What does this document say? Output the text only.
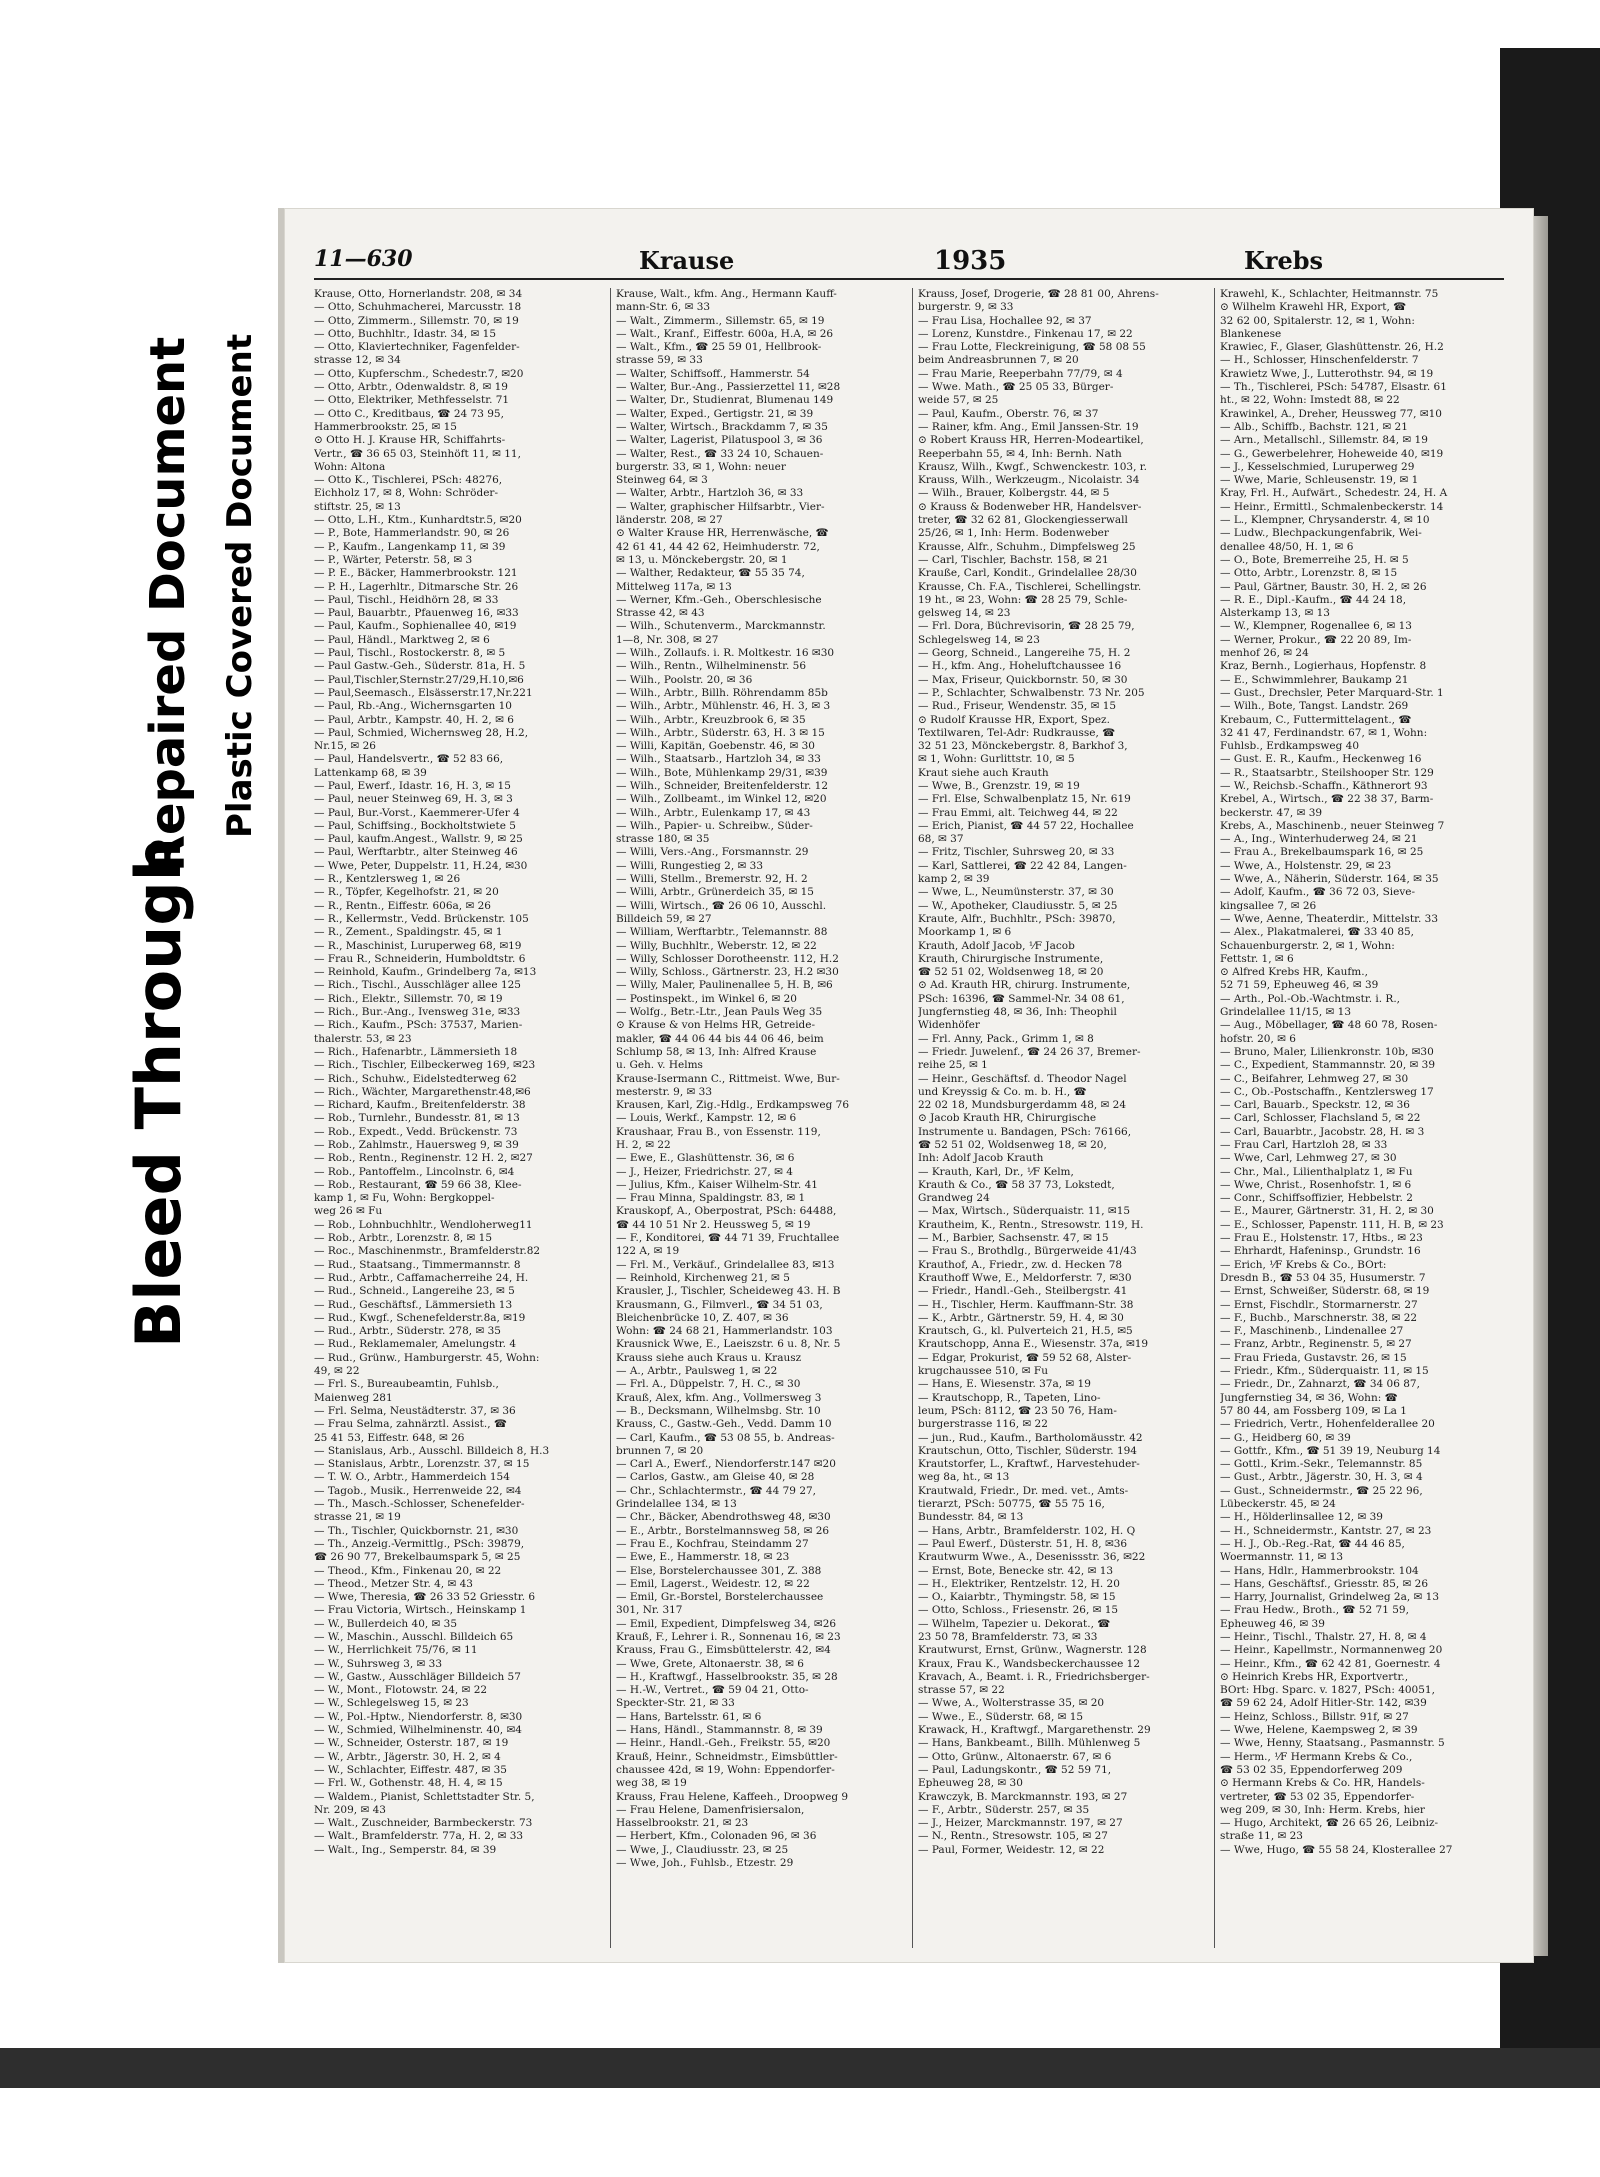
Bleed Through
Repaired Document Plastic Covered Document
11—630	Krause	1935	Krebs
Krause, Otto, Hornerlandstr. 208, ✉ 34
— Otto, Schuhmacherei, Marcusstr. 18
— Otto, Zimmerm., Sillemstr. 70, ✉ 19
— Otto, Buchhltr., Idastr. 34, ✉ 15
— Otto, Klaviertechniker, Fagenfelder-
strasse 12, ✉ 34
— Otto, Kupferschm., Schedestr.7, ✉20
— Otto, Arbtr., Odenwaldstr. 8, ✉ 19
— Otto, Elektriker, Methfesselstr. 71
— Otto C., Kreditbaus, ☎ 24 73 95,
Hammerbrookstr. 25, ✉ 15
⊙ Otto H. J. Krause HR, Schiffahrts-
Vertr., ☎ 36 65 03, Steinhöft 11, ✉ 11,
Wohn: Altona
— Otto K., Tischlerei, PSch: 48276,
Eichholz 17, ✉ 8, Wohn: Schröder-
stiftstr. 25, ✉ 13
— Otto, L.H., Ktm., Kunhardtstr.5, ✉20
— P., Bote, Hammerlandstr. 90, ✉ 26
— P., Kaufm., Langenkamp 11, ✉ 39
— P., Wärter, Peterstr. 58, ✉ 3
— P. E., Bäcker, Hammerbrookstr. 121
— P. H., Lagerhltr., Ditmarsche Str. 26
— Paul, Tischl., Heidhörn 28, ✉ 33
— Paul, Bauarbtr., Pfauenweg 16, ✉33
— Paul, Kaufm., Sophienallee 40, ✉19
— Paul, Händl., Marktweg 2, ✉ 6
— Paul, Tischl., Rostockerstr. 8, ✉ 5
— Paul Gastw.-Geh., Süderstr. 81a, H. 5
— Paul,Tischler,Sternstr.27/29,H.10,✉6
— Paul,Seemasch., Elsässerstr.17,Nr.221
— Paul, Rb.-Ang., Wichernsgarten 10
— Paul, Arbtr., Kampstr. 40, H. 2, ✉ 6
— Paul, Schmied, Wichernsweg 28, H.2,
Nr.15, ✉ 26
— Paul, Handelsvertr., ☎ 52 83 66,
Lattenkamp 68, ✉ 39
— Paul, Ewerf., Idastr. 16, H. 3, ✉ 15
— Paul, neuer Steinweg 69, H. 3, ✉ 3
— Paul, Bur.-Vorst., Kaemmerer-Ufer 4
— Paul, Schiffsing., Bockholtstwiete 5
— Paul, kaufm.Angest., Wallstr. 9, ✉ 25
— Paul, Werftarbtr., alter Steinweg 46
— Wwe, Peter, Duppelstr. 11, H.24, ✉30
— R., Kentzlersweg 1, ✉ 26
— R., Töpfer, Kegelhofstr. 21, ✉ 20
— R., Rentn., Eiffestr. 606a, ✉ 26
— R., Kellermstr., Vedd. Brückenstr. 105
— R., Zement., Spaldingstr. 45, ✉ 1
— R., Maschinist, Luruperweg 68, ✉19
— Frau R., Schneiderin, Humboldtstr. 6
— Reinhold, Kaufm., Grindelberg 7a, ✉13
— Rich., Tischl., Ausschläger allee 125
— Rich., Elektr., Sillemstr. 70, ✉ 19
— Rich., Bur.-Ang., Ivensweg 31e, ✉33
— Rich., Kaufm., PSch: 37537, Marien-
thalerstr. 53, ✉ 23
— Rich., Hafenarbtr., Lämmersieth 18
— Rich., Tischler, Eilbeckerweg 169, ✉23
— Rich., Schuhw., Eidelstedterweg 62
— Rich., Wächter, Margarethenstr.48,✉6
— Richard, Kaufm., Breitenfelderstr. 38
— Rob., Turnlehr., Bundesstr. 81, ✉ 13
— Rob., Expedt., Vedd. Brückenstr. 73
— Rob., Zahlmstr., Hauersweg 9, ✉ 39
— Rob., Rentn., Reginenstr. 12 H. 2, ✉27
— Rob., Pantoffelm., Lincolnstr. 6, ✉4
— Rob., Restaurant, ☎ 59 66 38, Klee-
kamp 1, ✉ Fu, Wohn: Bergkoppel-
weg 26 ✉ Fu
— Rob., Lohnbuchhltr., Wendloherweg11
— Rob., Arbtr., Lorenzstr. 8, ✉ 15
— Roc., Maschinenmstr., Bramfelderstr.82
— Rud., Staatsang., Timmermannstr. 8
— Rud., Arbtr., Caffamacherreihe 24, H.
— Rud., Schneid., Langereihe 23, ✉ 5
— Rud., Geschäftsf., Lämmersieth 13
— Rud., Kwgf., Schenefelderstr.8a, ✉19
— Rud., Arbtr., Süderstr. 278, ✉ 35
— Rud., Reklamemaler, Amelungstr. 4
— Rud., Grünw., Hamburgerstr. 45, Wohn:
49, ✉ 22
— Frl. S., Bureaubeamtin, Fuhlsb.,
Maienweg 281
— Frl. Selma, Neustädterstr. 37, ✉ 36
— Frau Selma, zahnärztl. Assist., ☎
25 41 53, Eiffestr. 648, ✉ 26
— Stanislaus, Arb., Ausschl. Billdeich 8, H.3
— Stanislaus, Arbtr., Lorenzstr. 37, ✉ 15
— T. W. O., Arbtr., Hammerdeich 154
— Tagob., Musik., Herrenweide 22, ✉4
— Th., Masch.-Schlosser, Schenefelder-
strasse 21, ✉ 19
— Th., Tischler, Quickbornstr. 21, ✉30
— Th., Anzeig.-Vermittlg., PSch: 39879,
☎ 26 90 77, Brekelbaumspark 5, ✉ 25
— Theod., Kfm., Finkenau 20, ✉ 22
— Theod., Metzer Str. 4, ✉ 43
— Wwe, Theresia, ☎ 26 33 52 Griesstr. 6
— Frau Victoria, Wirtsch., Heinskamp 1
— W., Bullerdeich 40, ✉ 35
— W., Maschin., Ausschl. Billdeich 65
— W., Herrlichkeit 75/76, ✉ 11
— W., Suhrsweg 3, ✉ 33
— W., Gastw., Ausschläger Billdeich 57
— W., Mont., Flotowstr. 24, ✉ 22
— W., Schlegelsweg 15, ✉ 23
— W., Pol.-Hptw., Niendorferstr. 8, ✉30
— W., Schmied, Wilhelminenstr. 40, ✉4
— W., Schneider, Osterstr. 187, ✉ 19
— W., Arbtr., Jägerstr. 30, H. 2, ✉ 4
— W., Schlachter, Eiffestr. 487, ✉ 35
— Frl. W., Gothenstr. 48, H. 4, ✉ 15
— Waldem., Pianist, Schlettstadter Str. 5,
Nr. 209, ✉ 43
— Walt., Zuschneider, Barmbeckerstr. 73
— Walt., Bramfelderstr. 77a, H. 2, ✉ 33
— Walt., Ing., Semperstr. 84, ✉ 39
Krause, Walt., kfm. Ang., Hermann Kauff-
mann-Str. 6, ✉ 33
— Walt., Zimmerm., Sillemstr. 65, ✉ 19
— Walt., Kranf., Eiffestr. 600a, H.A, ✉ 26
— Walt., Kfm., ☎ 25 59 01, Hellbrook-
strasse 59, ✉ 33
— Walter, Schiffsoff., Hammerstr. 54
— Walter, Bur.-Ang., Passierzettel 11, ✉28
— Walter, Dr., Studienrat, Blumenau 149
— Walter, Exped., Gertigstr. 21, ✉ 39
— Walter, Wirtsch., Brackdamm 7, ✉ 35
— Walter, Lagerist, Pilatuspool 3, ✉ 36
— Walter, Rest., ☎ 33 24 10, Schauen-
burgerstr. 33, ✉ 1, Wohn: neuer
Steinweg 64, ✉ 3
— Walter, Arbtr., Hartzloh 36, ✉ 33
— Walter, graphischer Hilfsarbtr., Vier-
länderstr. 208, ✉ 27
⊙ Walter Krause HR, Herrenwäsche, ☎
42 61 41, 44 42 62, Heimhuderstr. 72,
✉ 13, u. Mönckebergstr. 20, ✉ 1
— Walther, Redakteur, ☎ 55 35 74,
Mittelweg 117a, ✉ 13
— Werner, Kfm.-Geh., Oberschlesische
Strasse 42, ✉ 43
— Wilh., Schutenverm., Marckmannstr.
1—8, Nr. 308, ✉ 27
— Wilh., Zollaufs. i. R. Moltkestr. 16 ✉30
— Wilh., Rentn., Wilhelminenstr. 56
— Wilh., Poolstr. 20, ✉ 36
— Wilh., Arbtr., Billh. Röhrendamm 85b
— Wilh., Arbtr., Mühlenstr. 46, H. 3, ✉ 3
— Wilh., Arbtr., Kreuzbrook 6, ✉ 35
— Wilh., Arbtr., Süderstr. 63, H. 3 ✉ 15
— Willi, Kapitän, Goebenstr. 46, ✉ 30
— Wilh., Staatsarb., Hartzloh 34, ✉ 33
— Wilh., Bote, Mühlenkamp 29/31, ✉39
— Wilh., Schneider, Breitenfelderstr. 12
— Wilh., Zollbeamt., im Winkel 12, ✉20
— Wilh., Arbtr., Eulenkamp 17, ✉ 43
— Wilh., Papier- u. Schreibw., Süder-
strasse 180, ✉ 35
— Willi, Vers.-Ang., Forsmannstr. 29
— Willi, Rungestieg 2, ✉ 33
— Willi, Stellm., Bremerstr. 92, H. 2
— Willi, Arbtr., Grünerdeich 35, ✉ 15
— Willi, Wirtsch., ☎ 26 06 10, Ausschl.
Billdeich 59, ✉ 27
— William, Werftarbtr., Telemannstr. 88
— Willy, Buchhltr., Weberstr. 12, ✉ 22
— Willy, Schlosser Dorotheenstr. 112, H.2
— Willy, Schloss., Gärtnerstr. 23, H.2 ✉30
— Willy, Maler, Paulinenallee 5, H. B, ✉6
— Postinspekt., im Winkel 6, ✉ 20
— Wolfg., Betr.-Ltr., Jean Pauls Weg 35
⊙ Krause & von Helms HR, Getreide-
makler, ☎ 44 06 44 bis 44 06 46, beim
Schlump 58, ✉ 13, Inh: Alfred Krause
u. Geh. v. Helms
Krause-Isermann C., Rittmeist. Wwe, Bur-
mesterstr. 9, ✉ 33
Krausen, Karl, Zig.-Hdlg., Erdkampsweg 76
— Louis, Werkf., Kampstr. 12, ✉ 6
Kraushaar, Frau B., von Essenstr. 119,
H. 2, ✉ 22
— Ewe, E., Glashüttenstr. 36, ✉ 6
— J., Heizer, Friedrichstr. 27, ✉ 4
— Julius, Kfm., Kaiser Wilhelm-Str. 41
— Frau Minna, Spaldingstr. 83, ✉ 1
Krauskopf, A., Oberpostrat, PSch: 64488,
☎ 44 10 51 Nr 2. Heussweg 5, ✉ 19
— F., Konditorei, ☎ 44 71 39, Fruchtallee
122 A, ✉ 19
— Frl. M., Verkäuf., Grindelallee 83, ✉13
— Reinhold, Kirchenweg 21, ✉ 5
Krausler, J., Tischler, Scheideweg 43. H. B
Krausmann, G., Filmverl., ☎ 34 51 03,
Bleichenbrücke 10, Z. 407, ✉ 36
Wohn: ☎ 24 68 21, Hammerlandstr. 103
Krausnick Wwe, E., Laeiszstr. 6 u. 8, Nr. 5
Krauss siehe auch Kraus u. Krausz
— A., Arbtr., Paulsweg 1, ✉ 22
— Frl. A., Düppelstr. 7, H. C., ✉ 30
Krauß, Alex, kfm. Ang., Vollmersweg 3
— B., Decksmann, Wilhelmsbg. Str. 10
Krauss, C., Gastw.-Geh., Vedd. Damm 10
— Carl, Kaufm., ☎ 53 08 55, b. Andreas-
brunnen 7, ✉ 20
— Carl A., Ewerf., Niendorferstr.147 ✉20
— Carlos, Gastw., am Gleise 40, ✉ 28
— Chr., Schlachtermstr., ☎ 44 79 27,
Grindelallee 134, ✉ 13
— Chr., Bäcker, Abendrothsweg 48, ✉30
— E., Arbtr., Borstelmannsweg 58, ✉ 26
— Frau E., Kochfrau, Steindamm 27
— Ewe, E., Hammerstr. 18, ✉ 23
— Else, Borstelerchaussee 301, Z. 388
— Emil, Lagerst., Weidestr. 12, ✉ 22
— Emil, Gr.-Borstel, Borstelerchaussee
301, Nr. 317
— Emil, Expedient, Dimpfelsweg 34, ✉26
Krauß, F., Lehrer i. R., Sonnenau 16, ✉ 23
Krauss, Frau G., Eimsbüttelerstr. 42, ✉4
— Wwe, Grete, Altonaerstr. 38, ✉ 6
— H., Kraftwgf., Hasselbrookstr. 35, ✉ 28
— H.-W., Vertret., ☎ 59 04 21, Otto-
Speckter-Str. 21, ✉ 33
— Hans, Bartelsstr. 61, ✉ 6
— Hans, Händl., Stammannstr. 8, ✉ 39
— Heinr., Handl.-Geh., Freikstr. 55, ✉20
Krauß, Heinr., Schneidmstr., Eimsbüttler-
chaussee 42d, ✉ 19, Wohn: Eppendorfer-
weg 38, ✉ 19
Krauss, Frau Helene, Kaffeeh., Droopweg 9
— Frau Helene, Damenfrisiersalon,
Hasselbrookstr. 21, ✉ 23
— Herbert, Kfm., Colonaden 96, ✉ 36
— Wwe, J., Claudiusstr. 23, ✉ 25
— Wwe, Joh., Fuhlsb., Etzestr. 29
Krauss, Josef, Drogerie, ☎ 28 81 00, Ahrens-
burgerstr. 9, ✉ 33
— Frau Lisa, Hochallee 92, ✉ 37
— Lorenz, Kunstdre., Finkenau 17, ✉ 22
— Frau Lotte, Fleckreinigung, ☎ 58 08 55
beim Andreasbrunnen 7, ✉ 20
— Frau Marie, Reeperbahn 77/79, ✉ 4
— Wwe. Math., ☎ 25 05 33, Bürger-
weide 57, ✉ 25
— Paul, Kaufm., Oberstr. 76, ✉ 37
— Rainer, kfm. Ang., Emil Janssen-Str. 19
⊙ Robert Krauss HR, Herren-Modeartikel,
Reeperbahn 55, ✉ 4, Inh: Bernh. Nath
Krausz, Wilh., Kwgf., Schwenckestr. 103, r.
Krauss, Wilh., Werkzeugm., Nicolaistr. 34
— Wilh., Brauer, Kolbergstr. 44, ✉ 5
⊙ Krauss & Bodenweber HR, Handelsver-
treter, ☎ 32 62 81, Glockengiesserwall
25/26, ✉ 1, Inh: Herm. Bodenweber
Krausse, Alfr., Schuhm., Dimpfelsweg 25
— Carl, Tischler, Bachstr. 158, ✉ 21
Krauße, Carl, Kondit., Grindelallee 28/30
Krausse, Ch. F.A., Tischlerei, Schellingstr.
19 ht., ✉ 23, Wohn: ☎ 28 25 79, Schle-
gelsweg 14, ✉ 23
— Frl. Dora, Büchrevisorin, ☎ 28 25 79,
Schlegelsweg 14, ✉ 23
— Georg, Schneid., Langereihe 75, H. 2
— H., kfm. Ang., Hoheluftchaussee 16
— Max, Friseur, Quickbornstr. 50, ✉ 30
— P., Schlachter, Schwalbenstr. 73 Nr. 205
— Rud., Friseur, Wendenstr. 35, ✉ 15
⊙ Rudolf Krausse HR, Export, Spez.
Textilwaren, Tel-Adr: Rudkrausse, ☎
32 51 23, Mönckebergstr. 8, Barkhof 3,
✉ 1, Wohn: Gurlittstr. 10, ✉ 5
Kraut siehe auch Krauth
— Wwe, B., Grenzstr. 19, ✉ 19
— Frl. Else, Schwalbenplatz 15, Nr. 619
— Frau Emmi, alt. Teichweg 44, ✉ 22
— Erich, Pianist, ☎ 44 57 22, Hochallee
68, ✉ 37
— Fritz, Tischler, Suhrsweg 20, ✉ 33
— Karl, Sattlerei, ☎ 22 42 84, Langen-
kamp 2, ✉ 39
— Wwe, L., Neumünsterstr. 37, ✉ 30
— W., Apotheker, Claudiusstr. 5, ✉ 25
Kraute, Alfr., Buchhltr., PSch: 39870,
Moorkamp 1, ✉ 6
Krauth, Adolf Jacob, ⅟F Jacob
Krauth, Chirurgische Instrumente,
☎ 52 51 02, Woldsenweg 18, ✉ 20
⊙ Ad. Krauth HR, chirurg. Instrumente,
PSch: 16396, ☎ Sammel-Nr. 34 08 61,
Jungfernstieg 48, ✉ 36, Inh: Theophil
Widenhöfer
— Frl. Anny, Pack., Grimm 1, ✉ 8
— Friedr. Juwelenf., ☎ 24 26 37, Bremer-
reihe 25, ✉ 1
— Heinr., Geschäftsf. d. Theodor Nagel
und Kreyssig & Co. m. b. H., ☎
22 02 18, Mundsburgerdamm 48, ✉ 24
⊙ Jacob Krauth HR, Chirurgische
Instrumente u. Bandagen, PSch: 76166,
☎ 52 51 02, Woldsenweg 18, ✉ 20,
Inh: Adolf Jacob Krauth
— Krauth, Karl, Dr., ⅟F Kelm,
Krauth & Co., ☎ 58 37 73, Lokstedt,
Grandweg 24
— Max, Wirtsch., Süderquaistr. 11, ✉15
Krautheim, K., Rentn., Stresowstr. 119, H.
— M., Barbier, Sachsenstr. 47, ✉ 15
— Frau S., Brothdlg., Bürgerweide 41/43
Krauthof, A., Friedr., zw. d. Hecken 78
Krauthoff Wwe, E., Meldorferstr. 7, ✉30
— Friedr., Handl.-Geh., Steilbergstr. 41
— H., Tischler, Herm. Kauffmann-Str. 38
— K., Arbtr., Gärtnerstr. 59, H. 4, ✉ 30
Krautsch, G., kl. Pulverteich 21, H.5, ✉5
Krautschopp, Anna E., Wiesenstr. 37a, ✉19
— Edgar, Prokurist, ☎ 59 52 68, Alster-
krugchaussee 510, ✉ Fu
— Hans, E. Wiesenstr. 37a, ✉ 19
— Krautschopp, R., Tapeten, Lino-
leum, PSch: 8112, ☎ 23 50 76, Ham-
burgerstrasse 116, ✉ 22
— jun., Rud., Kaufm., Bartholomäusstr. 42
Krautschun, Otto, Tischler, Süderstr. 194
Krautstorfer, L., Kraftwf., Harvestehuder-
weg 8a, ht., ✉ 13
Krautwald, Friedr., Dr. med. vet., Amts-
tierarzt, PSch: 50775, ☎ 55 75 16,
Bundesstr. 84, ✉ 13
— Hans, Arbtr., Bramfelderstr. 102, H. Q
— Paul Ewerf., Düsterstr. 51, H. 8, ✉36
Krautwurm Wwe., A., Desenissstr. 36, ✉22
— Ernst, Bote, Benecke str. 42, ✉ 13
— H., Elektriker, Rentzelstr. 12, H. 20
— O., Kaiarbtr., Thymingstr. 58, ✉ 15
— Otto, Schloss., Friesenstr. 26, ✉ 15
— Wilhelm, Tapezier u. Dekorat., ☎
23 50 78, Bramfelderstr. 73, ✉ 33
Krautwurst, Ernst, Grünw., Wagnerstr. 128
Kraux, Frau K., Wandsbeckerchaussee 12
Kravach, A., Beamt. i. R., Friedrichsberger-
strasse 57, ✉ 22
— Wwe, A., Wolterstrasse 35, ✉ 20
— Wwe., E., Süderstr. 68, ✉ 15
Krawack, H., Kraftwgf., Margarethenstr. 29
— Hans, Bankbeamt., Billh. Mühlenweg 5
— Otto, Grünw., Altonaerstr. 67, ✉ 6
— Paul, Ladungskontr., ☎ 52 59 71,
Epheuweg 28, ✉ 30
Krawczyk, B. Marckmannstr. 193, ✉ 27
— F., Arbtr., Süderstr. 257, ✉ 35
— J., Heizer, Marckmannstr. 197, ✉ 27
— N., Rentn., Stresowstr. 105, ✉ 27
— Paul, Former, Weidestr. 12, ✉ 22
Krawehl, K., Schlachter, Heitmannstr. 75
⊙ Wilhelm Krawehl HR, Export, ☎
32 62 00, Spitalerstr. 12, ✉ 1, Wohn:
Blankenese
Krawiec, F., Glaser, Glashüttenstr. 26, H.2
— H., Schlosser, Hinschenfelderstr. 7
Krawietz Wwe, J., Lutterothstr. 94, ✉ 19
— Th., Tischlerei, PSch: 54787, Elsastr. 61
ht., ✉ 22, Wohn: Imstedt 88, ✉ 22
Krawinkel, A., Dreher, Heussweg 77, ✉10
— Alb., Schiffb., Bachstr. 121, ✉ 21
— Arn., Metallschl., Sillemstr. 84, ✉ 19
— G., Gewerbelehrer, Hoheweide 40, ✉19
— J., Kesselschmied, Luruperweg 29
— Wwe, Marie, Schleusenstr. 19, ✉ 1
Kray, Frl. H., Aufwärt., Schedestr. 24, H. A
— Heinr., Ermittl., Schmalenbeckerstr. 14
— L., Klempner, Chrysanderstr. 4, ✉ 10
— Ludw., Blechpackungenfabrik, Wei-
denallee 48/50, H. 1, ✉ 6
— O., Bote, Bremerreihe 25, H. ✉ 5
— Otto, Arbtr., Lorenzstr. 8, ✉ 15
— Paul, Gärtner, Baustr. 30, H. 2, ✉ 26
— R. E., Dipl.-Kaufm., ☎ 44 24 18,
Alsterkamp 13, ✉ 13
— W., Klempner, Rogenallee 6, ✉ 13
— Werner, Prokur., ☎ 22 20 89, Im-
menhof 26, ✉ 24
Kraz, Bernh., Logierhaus, Hopfenstr. 8
— E., Schwimmlehrer, Baukamp 21
— Gust., Drechsler, Peter Marquard-Str. 1
— Wilh., Bote, Tangst. Landstr. 269
Krebaum, C., Futtermittelagent., ☎
32 41 47, Ferdinandstr. 67, ✉ 1, Wohn:
Fuhlsb., Erdkampsweg 40
— Gust. E. R., Kaufm., Heckenweg 16
— R., Staatsarbtr., Steilshooper Str. 129
— W., Reichsb.-Schaffn., Käthnerort 93
Krebel, A., Wirtsch., ☎ 22 38 37, Barm-
beckerstr. 47, ✉ 39
Krebs, A., Maschinenb., neuer Steinweg 7
— A., Ing., Winterhuderweg 24, ✉ 21
— Frau A., Brekelbaumspark 16, ✉ 25
— Wwe, A., Holstenstr. 29, ✉ 23
— Wwe, A., Näherin, Süderstr. 164, ✉ 35
— Adolf, Kaufm., ☎ 36 72 03, Sieve-
kingsallee 7, ✉ 26
— Wwe, Aenne, Theaterdir., Mittelstr. 33
— Alex., Plakatmalerei, ☎ 33 40 85,
Schauenburgerstr. 2, ✉ 1, Wohn:
Fettstr. 1, ✉ 6
⊙ Alfred Krebs HR, Kaufm.,
52 71 59, Epheuweg 46, ✉ 39
— Arth., Pol.-Ob.-Wachtmstr. i. R.,
Grindelallee 11/15, ✉ 13
— Aug., Möbellager, ☎ 48 60 78, Rosen-
hofstr. 20, ✉ 6
— Bruno, Maler, Lilienkronstr. 10b, ✉30
— C., Expedient, Stammannstr. 20, ✉ 39
— C., Beifahrer, Lehmweg 27, ✉ 30
— C., Ob.-Postschaffn., Kentzlersweg 17
— Carl, Bauarb., Speckstr. 12, ✉ 36
— Carl, Schlosser, Flachsland 5, ✉ 22
— Carl, Bauarbtr., Jacobstr. 28, H. ✉ 3
— Frau Carl, Hartzloh 28, ✉ 33
— Wwe, Carl, Lehmweg 27, ✉ 30
— Chr., Mal., Lilienthalplatz 1, ✉ Fu
— Wwe, Christ., Rosenhofstr. 1, ✉ 6
— Conr., Schiffsoffizier, Hebbelstr. 2
— E., Maurer, Gärtnerstr. 31, H. 2, ✉ 30
— E., Schlosser, Papenstr. 111, H. B, ✉ 23
— Frau E., Holstenstr. 17, Htbs., ✉ 23
— Ehrhardt, Hafeninsp., Grundstr. 16
— Erich, ⅟F Krebs & Co., BOrt:
Dresdn B., ☎ 53 04 35, Husumerstr. 7
— Ernst, Schweißer, Süderstr. 68, ✉ 19
— Ernst, Fischdlr., Stormarnerstr. 27
— F., Buchb., Marschnerstr. 38, ✉ 22
— F., Maschinenb., Lindenallee 27
— Franz, Arbtr., Reginenstr. 5, ✉ 27
— Frau Frieda, Gustavstr. 26, ✉ 15
— Friedr., Kfm., Süderquaistr. 11, ✉ 15
— Friedr., Dr., Zahnarzt, ☎ 34 06 87,
Jungfernstieg 34, ✉ 36, Wohn: ☎
57 80 44, am Fossberg 109, ✉ La 1
— Friedrich, Vertr., Hohenfelderallee 20
— G., Heidberg 60, ✉ 39
— Gottfr., Kfm., ☎ 51 39 19, Neuburg 14
— Gottl., Krim.-Sekr., Telemannstr. 85
— Gust., Arbtr., Jägerstr. 30, H. 3, ✉ 4
— Gust., Schneidermstr., ☎ 25 22 96,
Lübeckerstr. 45, ✉ 24
— H., Hölderlinsallee 12, ✉ 39
— H., Schneidermstr., Kantstr. 27, ✉ 23
— H. J., Ob.-Reg.-Rat, ☎ 44 46 85,
Woermannstr. 11, ✉ 13
— Hans, Hdlr., Hammerbrookstr. 104
— Hans, Geschäftsf., Griesstr. 85, ✉ 26
— Harry, Journalist, Grindelweg 2a, ✉ 13
— Frau Hedw., Broth., ☎ 52 71 59,
Epheuweg 46, ✉ 39
— Heinr., Tischl., Thalstr. 27, H. 8, ✉ 4
— Heinr., Kapellmstr., Normannenweg 20
— Heinr., Kfm., ☎ 62 42 81, Goernestr. 4
⊙ Heinrich Krebs HR, Exportvertr.,
BOrt: Hbg. Sparc. v. 1827, PSch: 40051,
☎ 59 62 24, Adolf Hitler-Str. 142, ✉39
— Heinz, Schloss., Billstr. 91f, ✉ 27
— Wwe, Helene, Kaempsweg 2, ✉ 39
— Wwe, Henny, Staatsang., Pasmannstr. 5
— Herm., ⅟F Hermann Krebs & Co.,
☎ 53 02 35, Eppendorferweg 209
⊙ Hermann Krebs & Co. HR, Handels-
vertreter, ☎ 53 02 35, Eppendorfer-
weg 209, ✉ 30, Inh: Herm. Krebs, hier
— Hugo, Architekt, ☎ 26 65 26, Leibniz-
straße 11, ✉ 23
— Wwe, Hugo, ☎ 55 58 24, Klosterallee 27
